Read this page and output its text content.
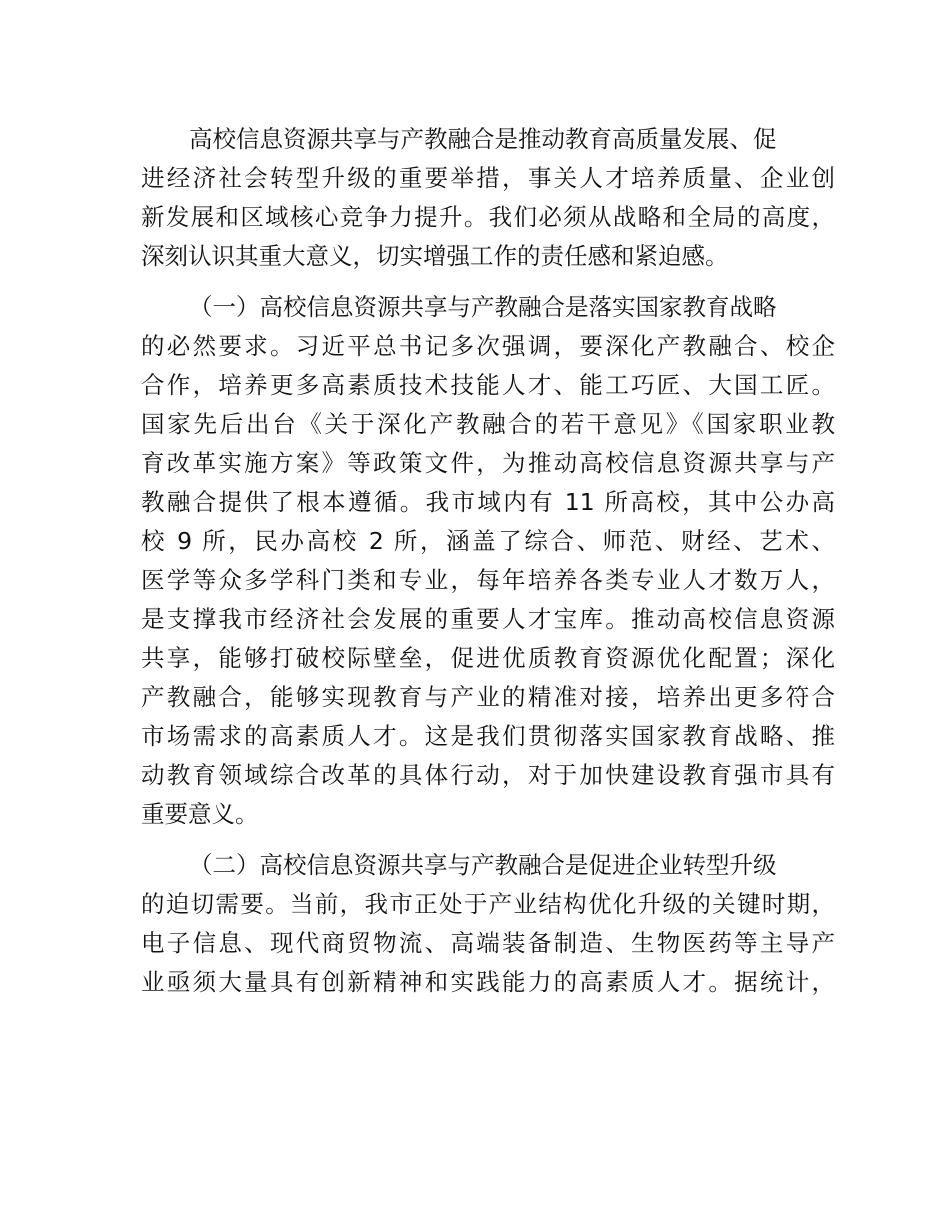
高校信息资源共享与产教融合是推动教育高质量发展、促
进经济社会转型升级的重要举措，事关人才培养质量、企业创
新发展和区域核心竞争力提升。我们必须从战略和全局的高度，
深刻认识其重大意义，切实增强工作的责任感和紧迫感。
（一）高校信息资源共享与产教融合是落实国家教育战略
的必然要求。习近平总书记多次强调，要深化产教融合、校企
合作，培养更多高素质技术技能人才、能工巧匠、大国工匠。
国家先后出台《关于深化产教融合的若干意见》《国家职业教
育改革实施方案》等政策文件，为推动高校信息资源共享与产
教融合提供了根本遵循。我市域内有 11 所高校，其中公办高
校 9 所，民办高校 2 所，涵盖了综合、师范、财经、艺术、
医学等众多学科门类和专业，每年培养各类专业人才数万人，
是支撑我市经济社会发展的重要人才宝库。推动高校信息资源
共享，能够打破校际壁垒，促进优质教育资源优化配置；深化
产教融合，能够实现教育与产业的精准对接，培养出更多符合
市场需求的高素质人才。这是我们贯彻落实国家教育战略、推
动教育领域综合改革的具体行动，对于加快建设教育强市具有
重要意义。
（二）高校信息资源共享与产教融合是促进企业转型升级
的迫切需要。当前，我市正处于产业结构优化升级的关键时期，
电子信息、现代商贸物流、高端装备制造、生物医药等主导产
业亟须大量具有创新精神和实践能力的高素质人才。据统计，
